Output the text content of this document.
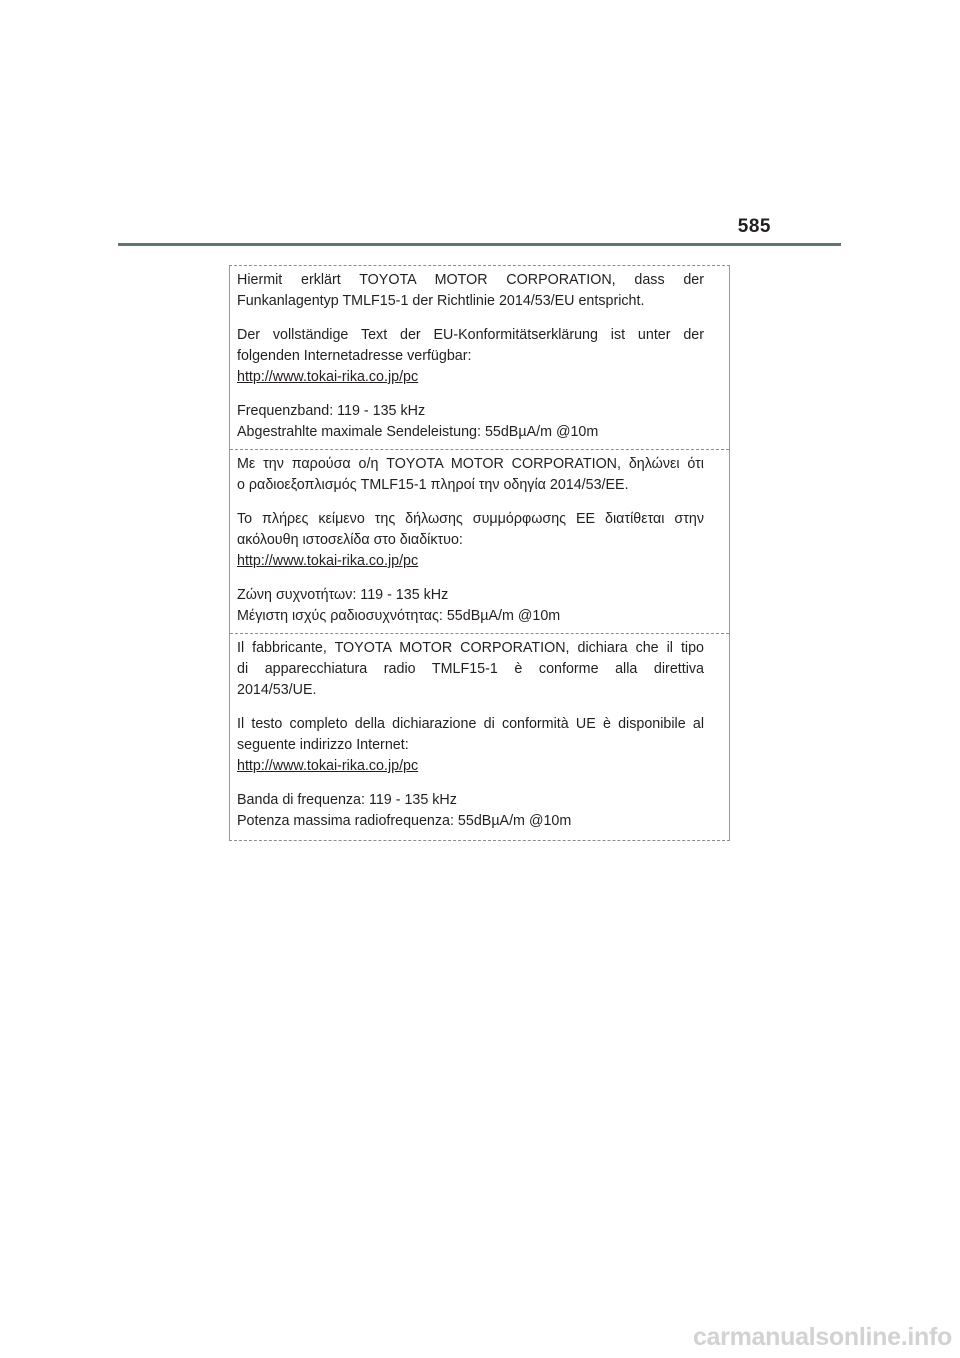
585

Hiermit erklärt TOYOTA MOTOR CORPORATION, dass der
Funkanlagentyp TMLF15-1 der Richtlinie 2014/53/EU entspricht.

Der vollständige Text der EU-Konformitätserklärung ist unter der
folgenden Internetadresse verfügbar:
http://www.tokai-rika.co.jp/pc

Frequenzband: 119 - 135 kHz
Abgestrahlte maximale Sendeleistung: 55dBµA/m @10m

Με την παρούσα ο/η TOYOTA MOTOR CORPORATION, δηλώνει ότι
ο ραδιοεξοπλισμός TMLF15-1 πληροί την οδηγία 2014/53/ΕΕ.

Το πλήρες κείμενο της δήλωσης συμμόρφωσης ΕΕ διατίθεται στην
ακόλουθη ιστοσελίδα στο διαδίκτυο:
http://www.tokai-rika.co.jp/pc

Ζώνη συχνοτήτων: 119 - 135 kHz
Μέγιστη ισχύς ραδιοσυχνότητας: 55dBµA/m @10m

Il fabbricante, TOYOTA MOTOR CORPORATION, dichiara che il tipo
di apparecchiatura radio TMLF15-1 è conforme alla direttiva
2014/53/UE.

Il testo completo della dichiarazione di conformità UE è disponibile al
seguente indirizzo Internet:
http://www.tokai-rika.co.jp/pc

Banda di frequenza: 119 - 135 kHz
Potenza massima radiofrequenza: 55dBµA/m @10m

carmanualsonline.info
